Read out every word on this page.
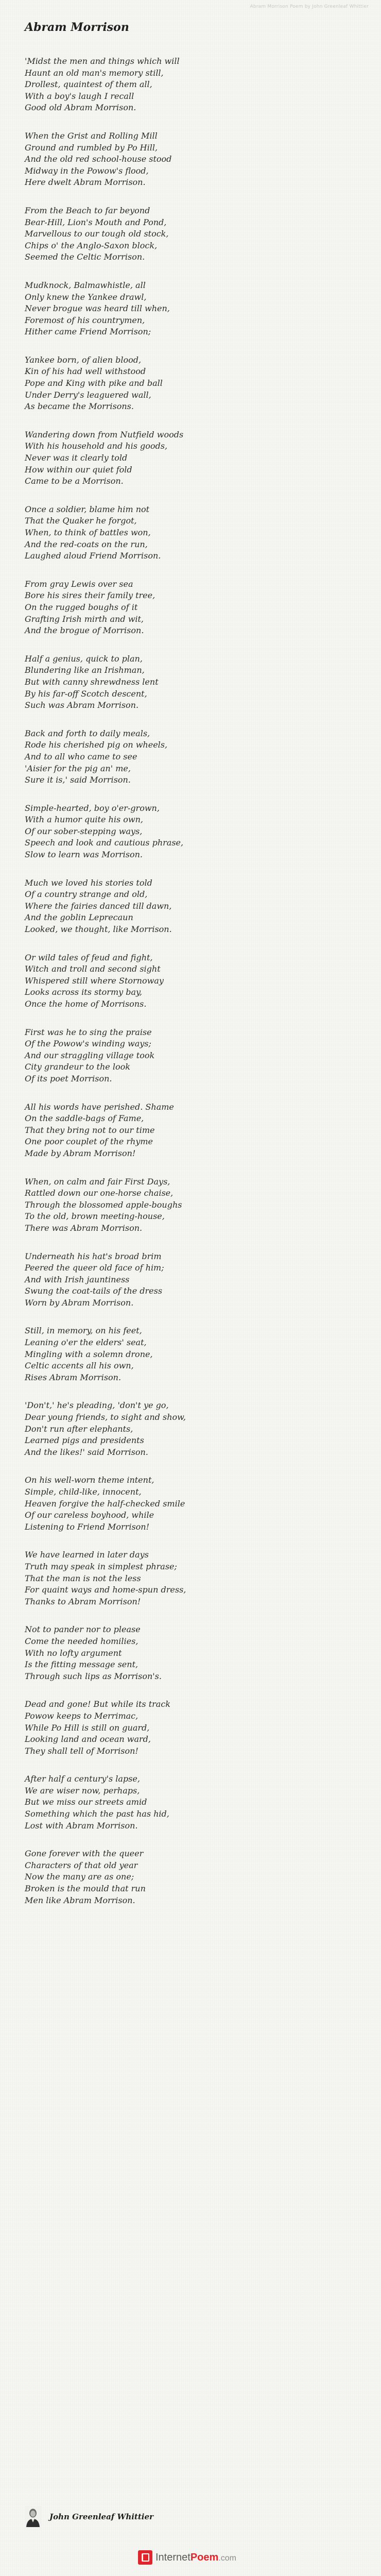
Abram Morrison Poem by John Greenleaf Whittier
Abram Morrison
'Midst the men and things which will
Haunt an old man's memory still,
Drollest, quaintest of them all,
With a boy's laugh I recall
Good old Abram Morrison.
When the Grist and Rolling Mill
Ground and rumbled by Po Hill,
And the old red school-house stood
Midway in the Powow's flood,
Here dwelt Abram Morrison.
From the Beach to far beyond
Bear-Hill, Lion's Mouth and Pond,
Marvellous to our tough old stock,
Chips o' the Anglo-Saxon block,
Seemed the Celtic Morrison.
Mudknock, Balmawhistle, all
Only knew the Yankee drawl,
Never brogue was heard till when,
Foremost of his countrymen,
Hither came Friend Morrison;
Yankee born, of alien blood,
Kin of his had well withstood
Pope and King with pike and ball
Under Derry's leaguered wall,
As became the Morrisons.
Wandering down from Nutfield woods
With his household and his goods,
Never was it clearly told
How within our quiet fold
Came to be a Morrison.
Once a soldier, blame him not
That the Quaker he forgot,
When, to think of battles won,
And the red-coats on the run,
Laughed aloud Friend Morrison.
From gray Lewis over sea
Bore his sires their family tree,
On the rugged boughs of it
Grafting Irish mirth and wit,
And the brogue of Morrison.
Half a genius, quick to plan,
Blundering like an Irishman,
But with canny shrewdness lent
By his far-off Scotch descent,
Such was Abram Morrison.
Back and forth to daily meals,
Rode his cherished pig on wheels,
And to all who came to see
'Aisier for the pig an' me,
Sure it is,' said Morrison.
Simple-hearted, boy o'er-grown,
With a humor quite his own,
Of our sober-stepping ways,
Speech and look and cautious phrase,
Slow to learn was Morrison.
Much we loved his stories told
Of a country strange and old,
Where the fairies danced till dawn,
And the goblin Leprecaun
Looked, we thought, like Morrison.
Or wild tales of feud and fight,
Witch and troll and second sight
Whispered still where Stornoway
Looks across its stormy bay,
Once the home of Morrisons.
First was he to sing the praise
Of the Powow's winding ways;
And our straggling village took
City grandeur to the look
Of its poet Morrison.
All his words have perished. Shame
On the saddle-bags of Fame,
That they bring not to our time
One poor couplet of the rhyme
Made by Abram Morrison!
When, on calm and fair First Days,
Rattled down our one-horse chaise,
Through the blossomed apple-boughs
To the old, brown meeting-house,
There was Abram Morrison.
Underneath his hat's broad brim
Peered the queer old face of him;
And with Irish jauntiness
Swung the coat-tails of the dress
Worn by Abram Morrison.
Still, in memory, on his feet,
Leaning o'er the elders' seat,
Mingling with a solemn drone,
Celtic accents all his own,
Rises Abram Morrison.
'Don't,' he's pleading, 'don't ye go,
Dear young friends, to sight and show,
Don't run after elephants,
Learned pigs and presidents
And the likes!' said Morrison.
On his well-worn theme intent,
Simple, child-like, innocent,
Heaven forgive the half-checked smile
Of our careless boyhood, while
Listening to Friend Morrison!
We have learned in later days
Truth may speak in simplest phrase;
That the man is not the less
For quaint ways and home-spun dress,
Thanks to Abram Morrison!
Not to pander nor to please
Come the needed homilies,
With no lofty argument
Is the fitting message sent,
Through such lips as Morrison's.
Dead and gone! But while its track
Powow keeps to Merrimac,
While Po Hill is still on guard,
Looking land and ocean ward,
They shall tell of Morrison!
After half a century's lapse,
We are wiser now, perhaps,
But we miss our streets amid
Something which the past has hid,
Lost with Abram Morrison.
Gone forever with the queer
Characters of that old year
Now the many are as one;
Broken is the mould that run
Men like Abram Morrison.
John Greenleaf Whittier
InternetPoem.com
